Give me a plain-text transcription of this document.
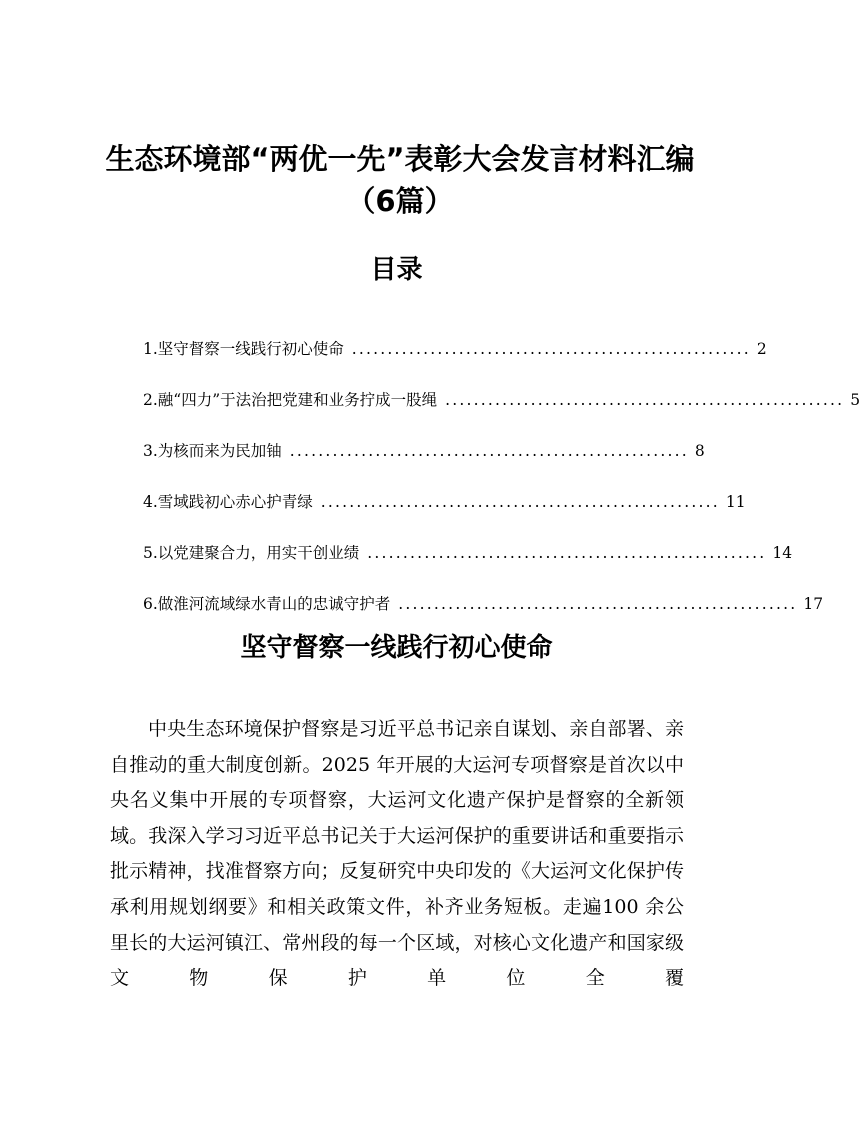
生态环境部“两优一先”表彰大会发言材料汇编（6篇）
目录
1.坚守督察一线践行初心使命 ........................................................ 2
2.融“四力”于法治把党建和业务拧成一股绳 ........................................................ 5
3.为核而来为民加铀 ........................................................ 8
4.雪域践初心赤心护青绿 ........................................................ 11
5.以党建聚合力，用实干创业绩 ........................................................ 14
6.做淮河流域绿水青山的忠诚守护者 ........................................................ 17
坚守督察一线践行初心使命

中央生态环境保护督察是习近平总书记亲自谋划、亲自部署、亲自推动的重大制度创新。2025 年开展的大运河专项督察是首次以中央名义集中开展的专项督察，大运河文化遗产保护是督察的全新领域。我深入学习习近平总书记关于大运河保护的重要讲话和重要指示批示精神，找准督察方向；反复研究中央印发的《大运河文化保护传承利用规划纲要》和相关政策文件，补齐业务短板。走遍100 余公里长的大运河镇江、常州段的每一个区域，对核心文化遗产和国家级文物保护单位全覆
